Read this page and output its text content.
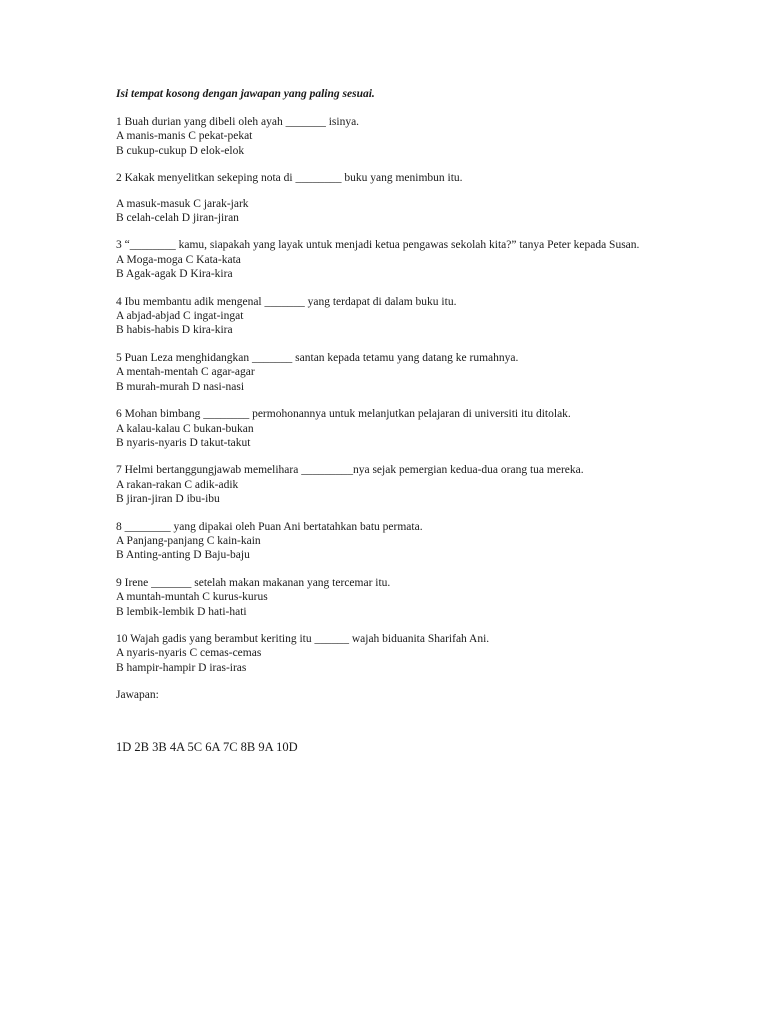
Isi tempat kosong dengan jawapan yang paling sesuai.

1 Buah durian yang dibeli oleh ayah _______ isinya.

A manis-manis C pekat-pekat

B cukup-cukup D elok-elok

2 Kakak menyelitkan sekeping nota di ________ buku yang menimbun itu.

A masuk-masuk C jarak-jark

B celah-celah D jiran-jiran

3 “________ kamu, siapakah yang layak untuk menjadi ketua pengawas sekolah kita?” tanya Peter kepada Susan.

A Moga-moga C Kata-kata

B Agak-agak D Kira-kira

4 Ibu membantu adik mengenal _______ yang terdapat di dalam buku itu.

A abjad-abjad C ingat-ingat

B habis-habis D kira-kira

5 Puan Leza menghidangkan _______ santan kepada tetamu yang datang ke rumahnya.

A mentah-mentah C agar-agar

B murah-murah D nasi-nasi

6 Mohan bimbang ________ permohonannya untuk melanjutkan pelajaran di universiti itu ditolak.

A kalau-kalau C bukan-bukan

B nyaris-nyaris D takut-takut

7 Helmi bertanggungjawab memelihara _________nya sejak pemergian kedua-dua orang tua mereka.

A rakan-rakan C adik-adik

B jiran-jiran D ibu-ibu

8 ________ yang dipakai oleh Puan Ani bertatahkan batu permata.

A Panjang-panjang C kain-kain

B Anting-anting D Baju-baju

9 Irene _______ setelah makan makanan yang tercemar itu.

A muntah-muntah C kurus-kurus

B lembik-lembik D hati-hati

10 Wajah gadis yang berambut keriting itu ______ wajah biduanita Sharifah Ani.

A nyaris-nyaris C cemas-cemas

B hampir-hampir D iras-iras

Jawapan:

1D 2B 3B 4A 5C 6A 7C 8B 9A 10D
